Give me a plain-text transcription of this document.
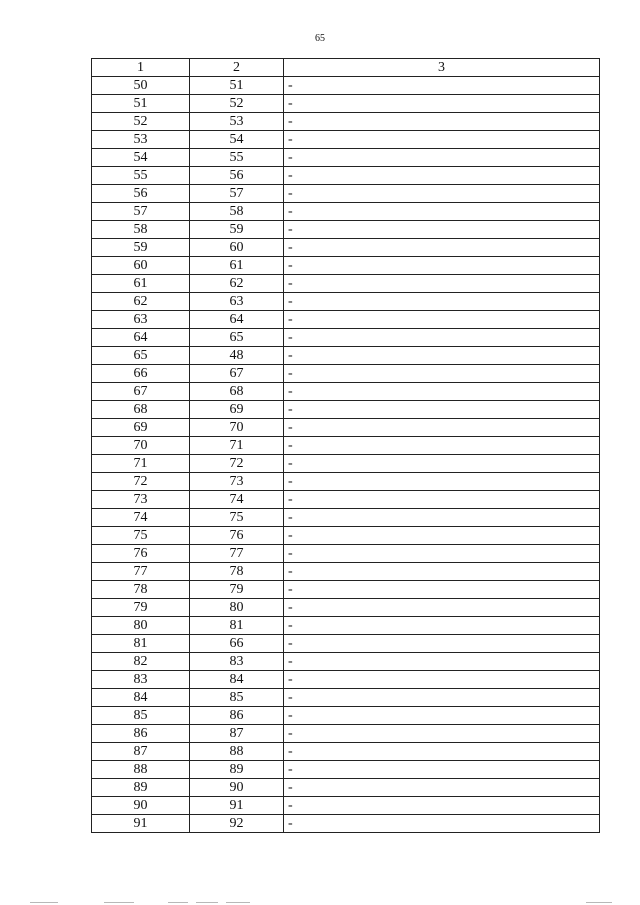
65
1	2	3
50	51	-
51	52	-
52	53	-
53	54	-
54	55	-
55	56	-
56	57	-
57	58	-
58	59	-
59	60	-
60	61	-
61	62	-
62	63	-
63	64	-
64	65	-
65	48	-
66	67	-
67	68	-
68	69	-
69	70	-
70	71	-
71	72	-
72	73	-
73	74	-
74	75	-
75	76	-
76	77	-
77	78	-
78	79	-
79	80	-
80	81	-
81	66	-
82	83	-
83	84	-
84	85	-
85	86	-
86	87	-
87	88	-
88	89	-
89	90	-
90	91	-
91	92	-
